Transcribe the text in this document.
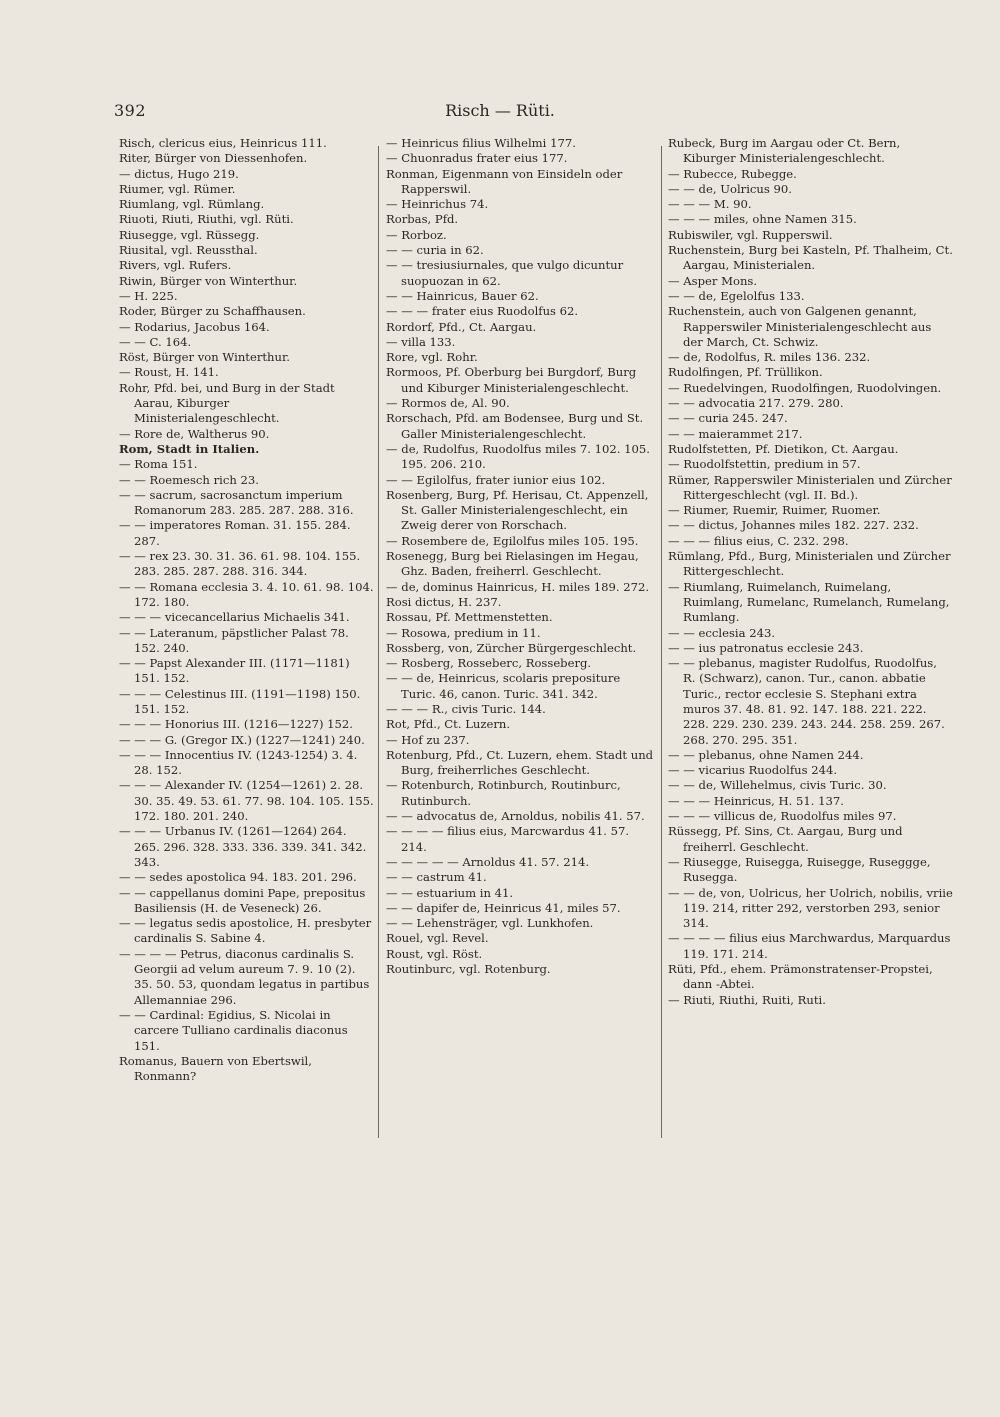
392	Risch — Rüti.

Risch, clericus eius, Heinricus 111.

Riter, Bürger von Diessenhofen.

— dictus, Hugo 219.

Riumer, vgl. Rümer.

Riumlang, vgl. Rümlang.

Riuoti, Riuti, Riuthi, vgl. Rüti.

Riusegge, vgl. Rüssegg.

Riusital, vgl. Reussthal.

Rivers, vgl. Rufers.

Riwin, Bürger von Winterthur.

— H. 225.

Roder, Bürger zu Schaffhausen.

— Rodarius, Jacobus 164.

— — C. 164.

Röst, Bürger von Winterthur.

— Roust, H. 141.

Rohr, Pfd. bei, und Burg in der Stadt Aarau, Kiburger Ministerialengeschlecht.

— Rore de, Waltherus 90.

Rom, Stadt in Italien.

— Roma 151.

— — Roemesch rich 23.

— — sacrum, sacrosanctum imperium Romanorum 283. 285. 287. 288. 316.

— — imperatores Roman. 31. 155. 284. 287.

— — rex 23. 30. 31. 36. 61. 98. 104. 155. 283. 285. 287. 288. 316. 344.

— — Romana ecclesia 3. 4. 10. 61. 98. 104. 172. 180.

— — — vicecancellarius Michaelis 341.

— — Lateranum, päpstlicher Palast 78. 152. 240.

— — Papst Alexander III. (1171—1181) 151. 152.

— — — Celestinus III. (1191—1198) 150. 151. 152.

— — — Honorius III. (1216—1227) 152.

— — — G. (Gregor IX.) (1227—1241) 240.

— — — Innocentius IV. (1243-1254) 3. 4. 28. 152.

— — — Alexander IV. (1254—1261) 2. 28. 30. 35. 49. 53. 61. 77. 98. 104. 105. 155. 172. 180. 201. 240.

— — — Urbanus IV. (1261—1264) 264. 265. 296. 328. 333. 336. 339. 341. 342. 343.

— — sedes apostolica 94. 183. 201. 296.

— — cappellanus domini Pape, prepositus Basiliensis (H. de Veseneck) 26.

— — legatus sedis apostolice, H. presbyter cardinalis S. Sabine 4.

— — — — Petrus, diaconus cardinalis S. Georgii ad velum aureum 7. 9. 10 (2). 35. 50. 53, quondam legatus in partibus Allemanniae 296.

— — Cardinal: Egidius, S. Nicolai in carcere Tulliano cardinalis diaconus 151.

Romanus, Bauern von Ebertswil, Ronmann?

— Heinricus filius Wilhelmi 177.

— Chuonradus frater eius 177.

Ronman, Eigenmann von Einsideln oder Rapperswil.

— Heinrichus 74.

Rorbas, Pfd.

— Rorboz.

— — curia in 62.

— — tresiusiurnales, que vulgo dicuntur suopuozan in 62.

— — Hainricus, Bauer 62.

— — — frater eius Ruodolfus 62.

Rordorf, Pfd., Ct. Aargau.

— villa 133.

Rore, vgl. Rohr.

Rormoos, Pf. Oberburg bei Burgdorf, Burg und Kiburger Ministerialengeschlecht.

— Rormos de, Al. 90.

Rorschach, Pfd. am Bodensee, Burg und St. Galler Ministerialengeschlecht.

— de, Rudolfus, Ruodolfus miles 7. 102. 105. 195. 206. 210.

— — Egilolfus, frater iunior eius 102.

Rosenberg, Burg, Pf. Herisau, Ct. Appenzell, St. Galler Ministerialengeschlecht, ein Zweig derer von Rorschach.

— Rosembere de, Egilolfus miles 105. 195.

Rosenegg, Burg bei Rielasingen im Hegau, Ghz. Baden, freiherrl. Geschlecht.

— de, dominus Hainricus, H. miles 189. 272.

Rosi dictus, H. 237.

Rossau, Pf. Mettmenstetten.

— Rosowa, predium in 11.

Rossberg, von, Zürcher Bürgergeschlecht.

— Rosberg, Rosseberc, Rosseberg.

— — de, Heinricus, scolaris prepositure Turic. 46, canon. Turic. 341. 342.

— — — R., civis Turic. 144.

Rot, Pfd., Ct. Luzern.

— Hof zu 237.

Rotenburg, Pfd., Ct. Luzern, ehem. Stadt und Burg, freiherrliches Geschlecht.

— Rotenburch, Rotinburch, Routinburc, Rutinburch.

— — advocatus de, Arnoldus, nobilis 41. 57.

— — — — filius eius, Marcwardus 41. 57. 214.

— — — — — Arnoldus 41. 57. 214.

— — castrum 41.

— — estuarium in 41.

— — dapifer de, Heinricus 41, miles 57.

— — Lehensträger, vgl. Lunkhofen.

Rouel, vgl. Revel.

Roust, vgl. Röst.

Routinburc, vgl. Rotenburg.

Rubeck, Burg im Aargau oder Ct. Bern, Kiburger Ministerialengeschlecht.

— Rubecce, Rubegge.

— — de, Uolricus 90.

— — — M. 90.

— — — miles, ohne Namen 315.

Rubiswiler, vgl. Rupperswil.

Ruchenstein, Burg bei Kasteln, Pf. Thalheim, Ct. Aargau, Ministerialen.

— Asper Mons.

— — de, Egelolfus 133.

Ruchenstein, auch von Galgenen genannt, Rapperswiler Ministerialengeschlecht aus der March, Ct. Schwiz.

— de, Rodolfus, R. miles 136. 232.

Rudolfingen, Pf. Trüllikon.

— Ruedelvingen, Ruodolfingen, Ruodolvingen.

— — advocatia 217. 279. 280.

— — curia 245. 247.

— — maierammet 217.

Rudolfstetten, Pf. Dietikon, Ct. Aargau.

— Ruodolfstettin, predium in 57.

Rümer, Rapperswiler Ministerialen und Zürcher Rittergeschlecht (vgl. II. Bd.).

— Riumer, Ruemir, Ruimer, Ruomer.

— — dictus, Johannes miles 182. 227. 232.

— — — filius eius, C. 232. 298.

Rümlang, Pfd., Burg, Ministerialen und Zürcher Rittergeschlecht.

— Riumlang, Ruimelanch, Ruimelang, Ruimlang, Rumelanc, Rumelanch, Rumelang, Rumlang.

— — ecclesia 243.

— — ius patronatus ecclesie 243.

— — plebanus, magister Rudolfus, Ruodolfus, R. (Schwarz), canon. Tur., canon. abbatie Turic., rector ecclesie S. Stephani extra muros 37. 48. 81. 92. 147. 188. 221. 222. 228. 229. 230. 239. 243. 244. 258. 259. 267. 268. 270. 295. 351.

— — plebanus, ohne Namen 244.

— — vicarius Ruodolfus 244.

— — de, Willehelmus, civis Turic. 30.

— — — Heinricus, H. 51. 137.

— — — villicus de, Ruodolfus miles 97.

Rüssegg, Pf. Sins, Ct. Aargau, Burg und freiherrl. Geschlecht.

— Riusegge, Ruisegga, Ruisegge, Ruseggge, Rusegga.

— — de, von, Uolricus, her Uolrich, nobilis, vriie 119. 214, ritter 292, verstorben 293, senior 314.

— — — — filius eius Marchwardus, Marquardus 119. 171. 214.

Rüti, Pfd., ehem. Prämonstratenser-Propstei, dann -Abtei.

— Riuti, Riuthi, Ruiti, Ruti.
